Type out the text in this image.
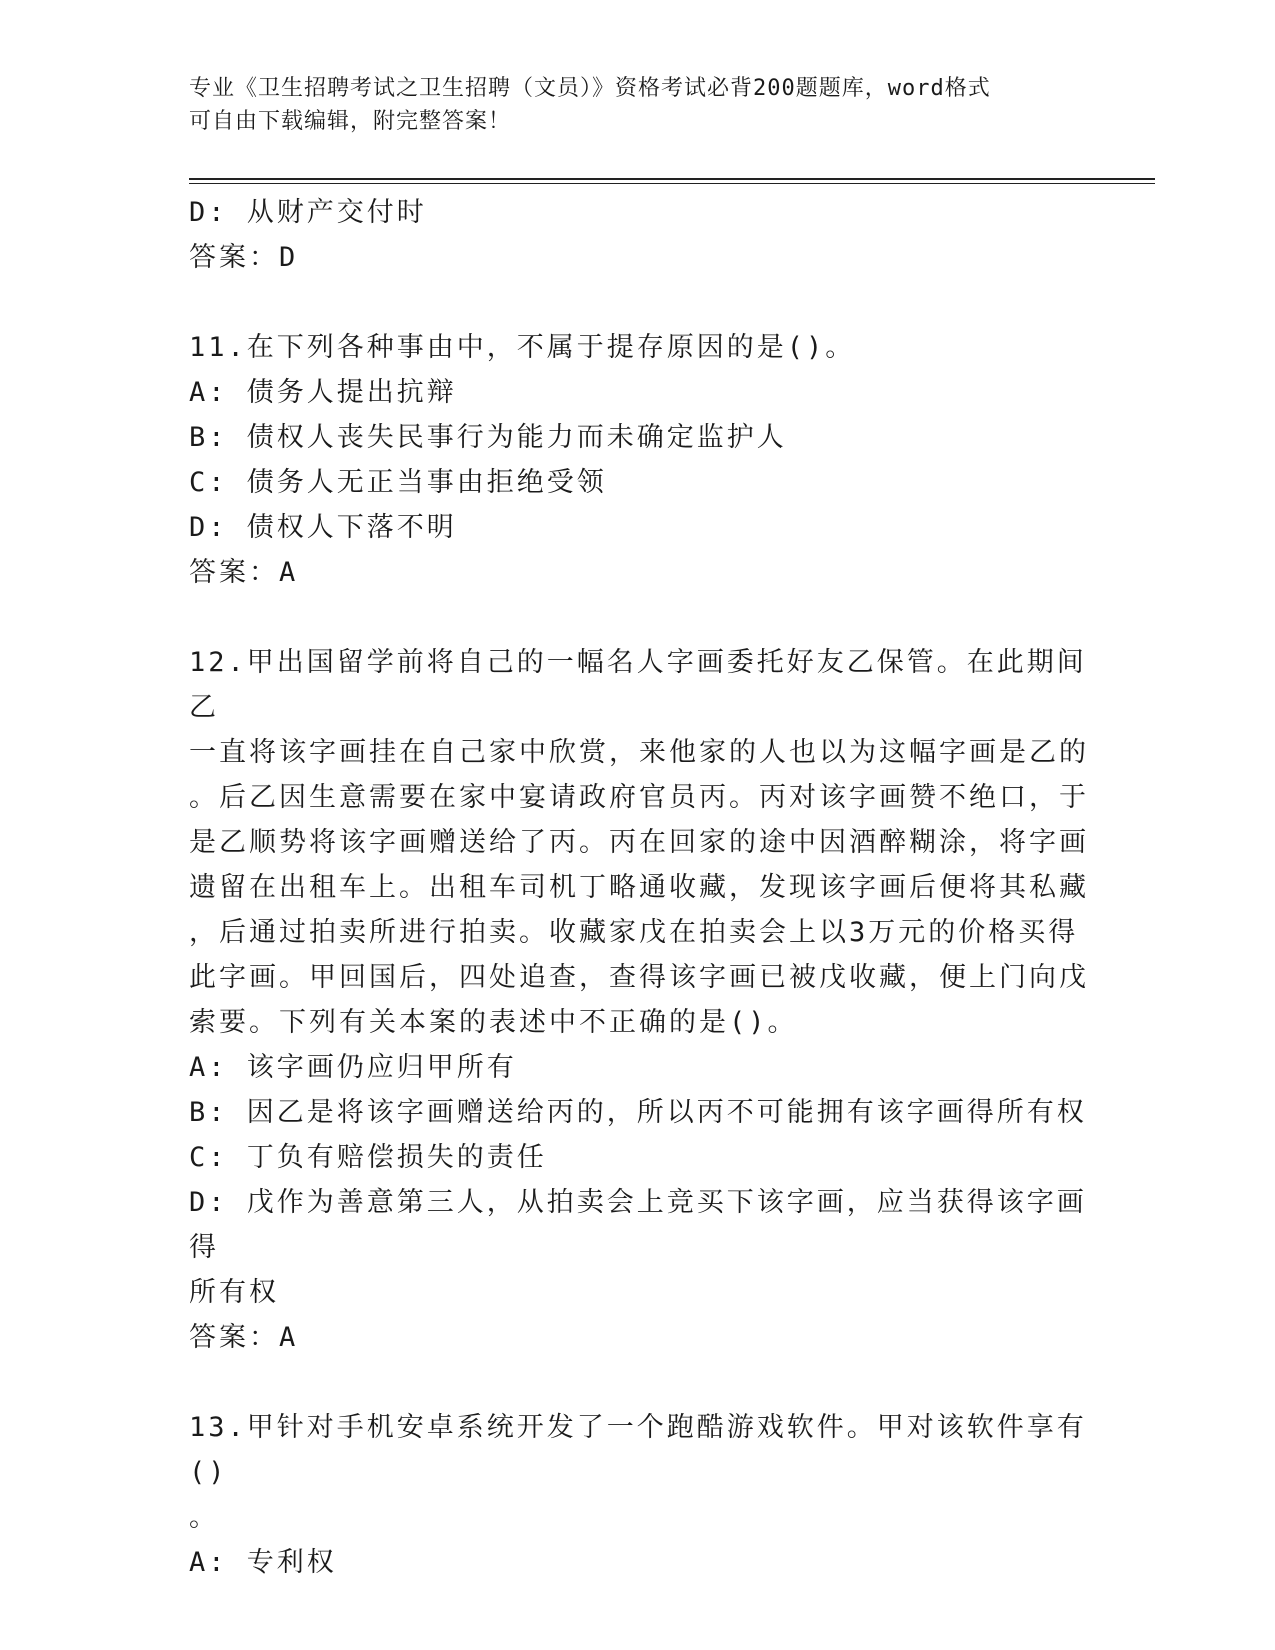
专业《卫生招聘考试之卫生招聘（文员）》资格考试必背200题题库，word格式
可自由下载编辑，附完整答案！
D: 从财产交付时
答案：D
11.在下列各种事由中，不属于提存原因的是()。
A: 债务人提出抗辩
B: 债权人丧失民事行为能力而未确定监护人
C: 债务人无正当事由拒绝受领
D: 债权人下落不明
答案：A
12.甲出国留学前将自己的一幅名人字画委托好友乙保管。在此期间乙
一直将该字画挂在自己家中欣赏，来他家的人也以为这幅字画是乙的
。后乙因生意需要在家中宴请政府官员丙。丙对该字画赞不绝口，于
是乙顺势将该字画赠送给了丙。丙在回家的途中因酒醉糊涂，将字画
遗留在出租车上。出租车司机丁略通收藏，发现该字画后便将其私藏
，后通过拍卖所进行拍卖。收藏家戊在拍卖会上以3万元的价格买得
此字画。甲回国后，四处追查，查得该字画已被戊收藏，便上门向戊
索要。下列有关本案的表述中不正确的是()。
A: 该字画仍应归甲所有
B: 因乙是将该字画赠送给丙的，所以丙不可能拥有该字画得所有权
C: 丁负有赔偿损失的责任
D: 戊作为善意第三人，从拍卖会上竞买下该字画，应当获得该字画得
所有权
答案：A
13.甲针对手机安卓系统开发了一个跑酷游戏软件。甲对该软件享有()
。
A: 专利权
